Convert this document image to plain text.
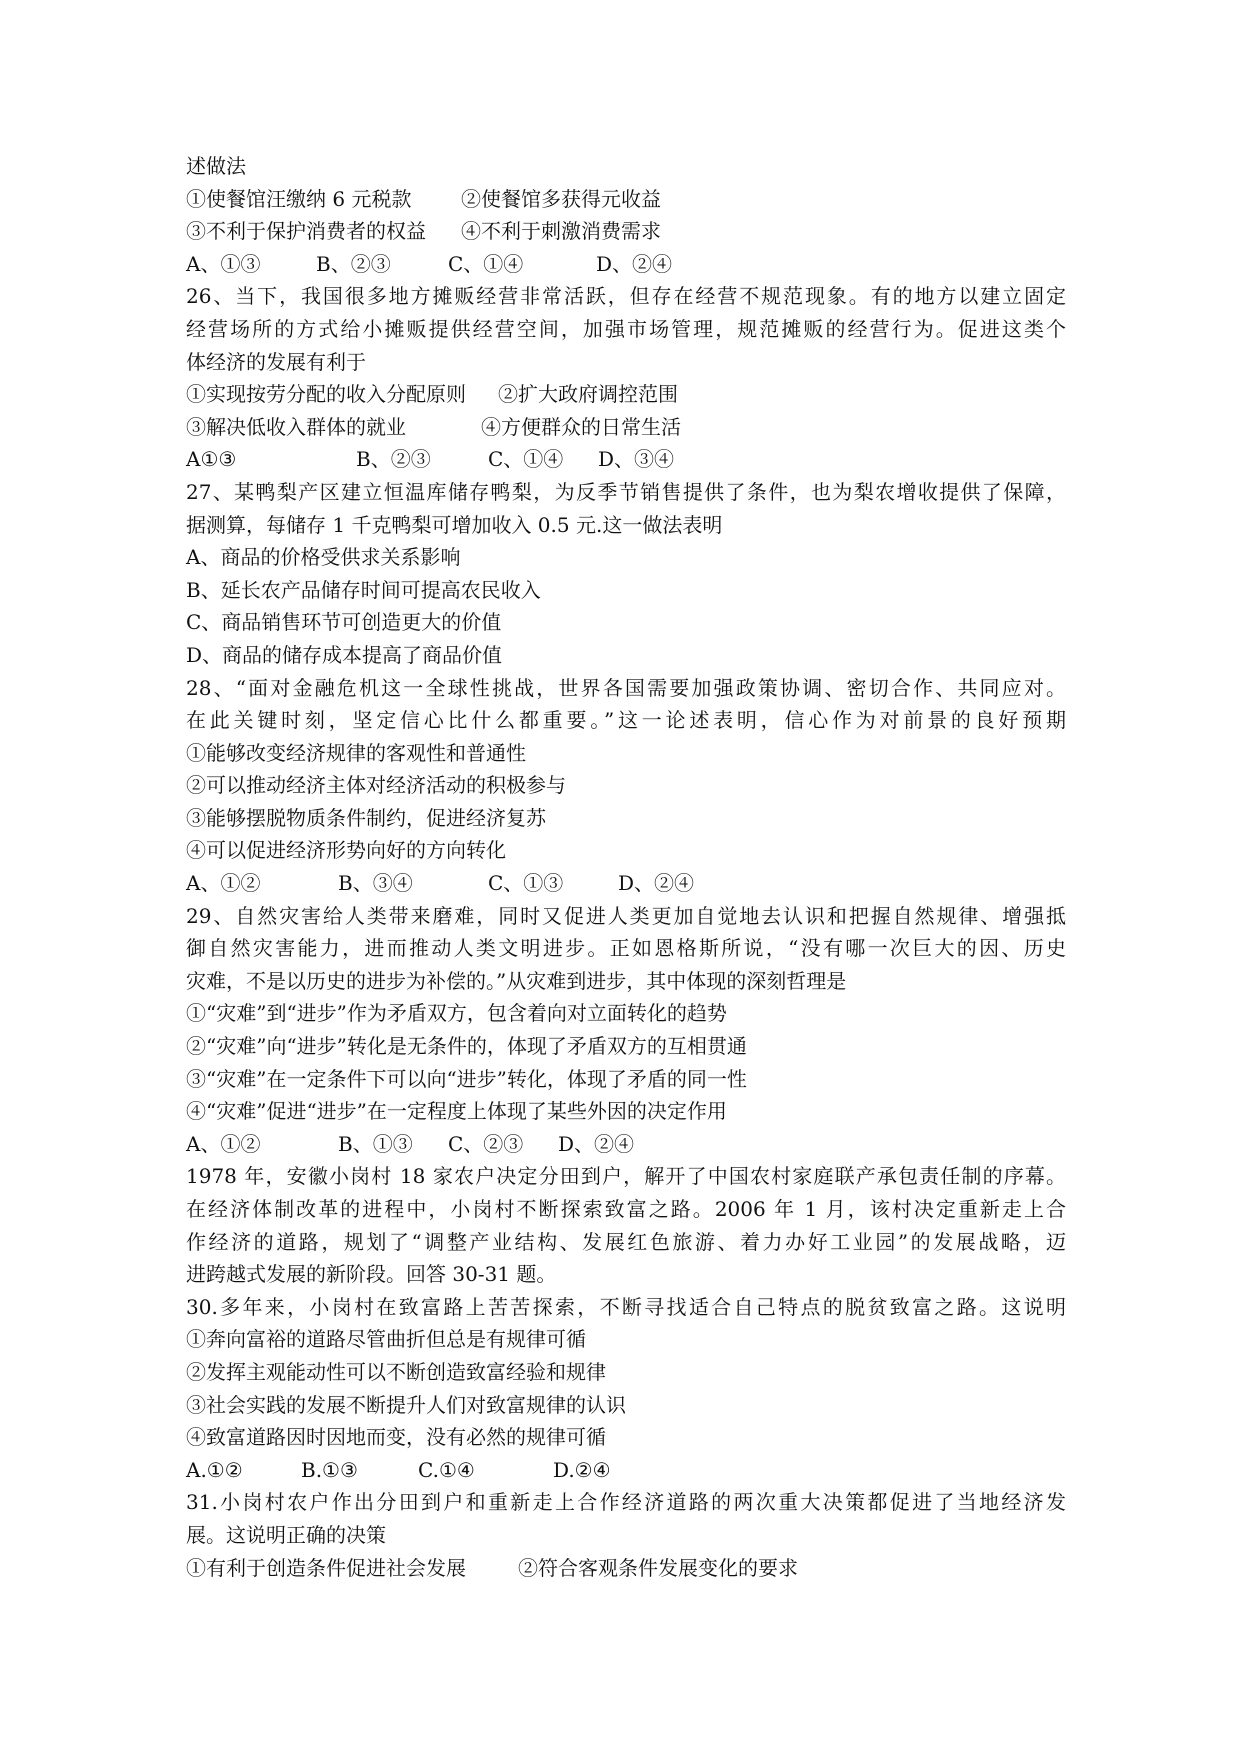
述做法
①使餐馆汪缴纳 6 元税款 ②使餐馆多获得元收益
③不利于保护消费者的权益 ④不利于刺激消费需求
A、①③	B、②③	C、①④	D、②④
26、当下，我国很多地方摊贩经营非常活跃，但存在经营不规范现象。有的地方以建立固定
经营场所的方式给小摊贩提供经营空间，加强市场管理，规范摊贩的经营行为。促进这类个
体经济的发展有利于
①实现按劳分配的收入分配原则 ②扩大政府调控范围
③解决低收入群体的就业	④方便群众的日常生活
A①③	B、②③	C、①④ D、③④
27、某鸭梨产区建立恒温库储存鸭梨，为反季节销售提供了条件，也为梨农增收提供了保障，
据测算，每储存 1 千克鸭梨可增加收入 0.5 元.这一做法表明
A、商品的价格受供求关系影响
B、延长农产品储存时间可提高农民收入
C、商品销售环节可创造更大的价值
D、商品的储存成本提高了商品价值
28、“面对金融危机这一全球性挑战，世界各国需要加强政策协调、密切合作、共同应对。
在此关键时刻，坚定信心比什么都重要。”这一论述表明，信心作为对前景的良好预期
①能够改变经济规律的客观性和普通性
②可以推动经济主体对经济活动的积极参与
③能够摆脱物质条件制约，促进经济复苏
④可以促进经济形势向好的方向转化
A、①②	B、③④	C、①③	D、②④
29、自然灾害给人类带来磨难，同时又促进人类更加自觉地去认识和把握自然规律、增强抵
御自然灾害能力，进而推动人类文明进步。正如恩格斯所说，“没有哪一次巨大的因、历史
灾难，不是以历史的进步为补偿的。”从灾难到进步，其中体现的深刻哲理是
①“灾难”到“进步”作为矛盾双方，包含着向对立面转化的趋势
②“灾难”向“进步”转化是无条件的，体现了矛盾双方的互相贯通
③“灾难”在一定条件下可以向“进步”转化，体现了矛盾的同一性
④“灾难”促进“进步”在一定程度上体现了某些外因的决定作用
A、①②	B、①③ C、②③ D、②④
1978 年，安徽小岗村 18 家农户决定分田到户，解开了中国农村家庭联产承包责任制的序幕。
在经济体制改革的进程中，小岗村不断探索致富之路。2006 年 1 月，该村决定重新走上合
作经济的道路，规划了“调整产业结构、发展红色旅游、着力办好工业园”的发展战略，迈
进跨越式发展的新阶段。回答 30-31 题。
30.多年来，小岗村在致富路上苦苦探索，不断寻找适合自己特点的脱贫致富之路。这说明
①奔向富裕的道路尽管曲折但总是有规律可循
②发挥主观能动性可以不断创造致富经验和规律
③社会实践的发展不断提升人们对致富规律的认识
④致富道路因时因地而变，没有必然的规律可循
A.①②	B.①③	C.①④	D.②④
31.小岗村农户作出分田到户和重新走上合作经济道路的两次重大决策都促进了当地经济发
展。这说明正确的决策
①有利于创造条件促进社会发展	②符合客观条件发展变化的要求
